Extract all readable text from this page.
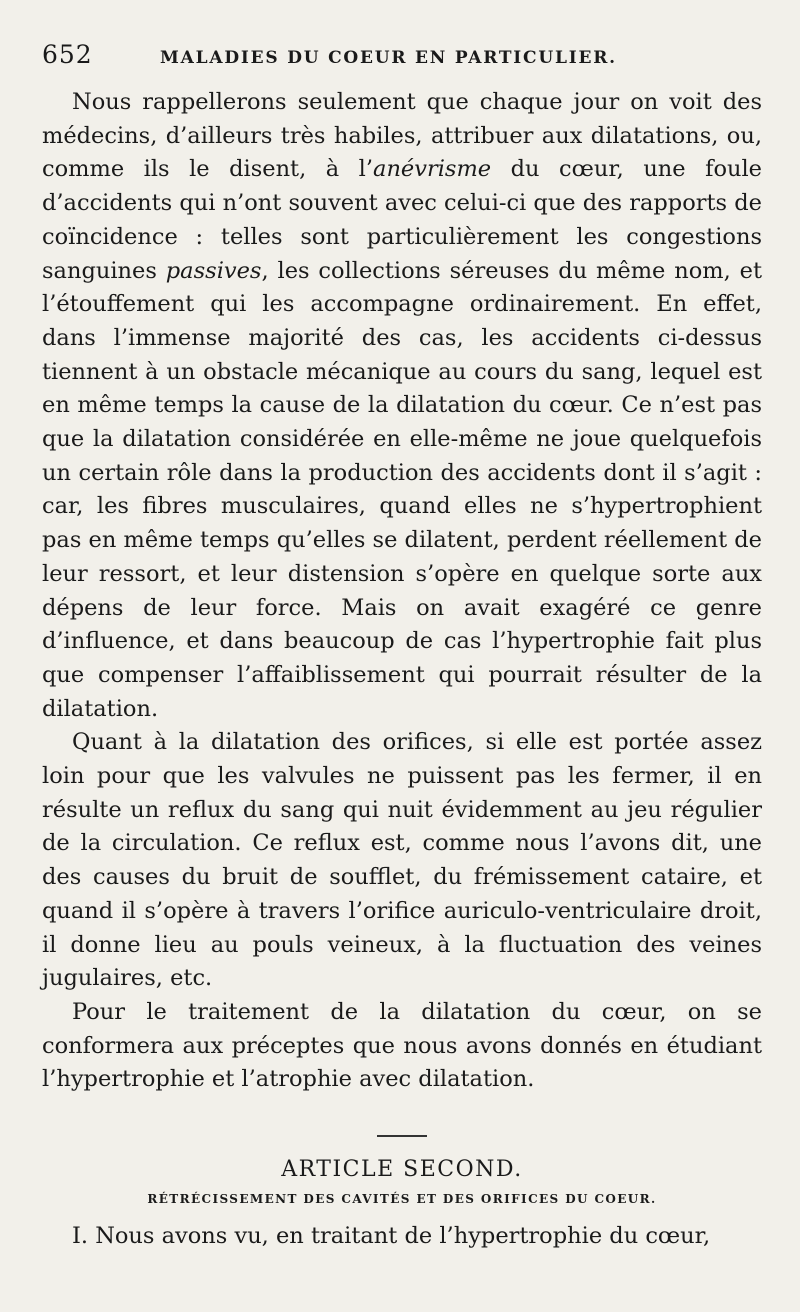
652	MALADIES DU COEUR EN PARTICULIER.

Nous rappellerons seulement que chaque jour on voit des médecins, d’ailleurs très habiles, attribuer aux dilatations, ou, comme ils le disent, à l’anévrisme du cœur, une foule d’accidents qui n’ont souvent avec celui-ci que des rapports de coïncidence : telles sont particulièrement les congestions sanguines passives, les collections séreuses du même nom, et l’étouffement qui les accompagne ordinairement. En effet, dans l’immense majorité des cas, les accidents ci-dessus tiennent à un obstacle mécanique au cours du sang, lequel est en même temps la cause de la dilatation du cœur. Ce n’est pas que la dilatation considérée en elle-même ne joue quelquefois un certain rôle dans la production des accidents dont il s’agit : car, les fibres musculaires, quand elles ne s’hypertrophient pas en même temps qu’elles se dilatent, perdent réellement de leur ressort, et leur distension s’opère en quelque sorte aux dépens de leur force. Mais on avait exagéré ce genre d’influence, et dans beaucoup de cas l’hypertrophie fait plus que compenser l’affaiblissement qui pourrait résulter de la dilatation.

Quant à la dilatation des orifices, si elle est portée assez loin pour que les valvules ne puissent pas les fermer, il en résulte un reflux du sang qui nuit évidemment au jeu régulier de la circulation. Ce reflux est, comme nous l’avons dit, une des causes du bruit de soufflet, du frémissement cataire, et quand il s’opère à travers l’orifice auriculo-ventriculaire droit, il donne lieu au pouls veineux, à la fluctuation des veines jugulaires, etc.

Pour le traitement de la dilatation du cœur, on se conformera aux préceptes que nous avons donnés en étudiant l’hypertrophie et l’atrophie avec dilatation.

ARTICLE SECOND.
RÉTRÉCISSEMENT DES CAVITÉS ET DES ORIFICES DU COEUR.
I. Nous avons vu, en traitant de l’hypertrophie du cœur,
